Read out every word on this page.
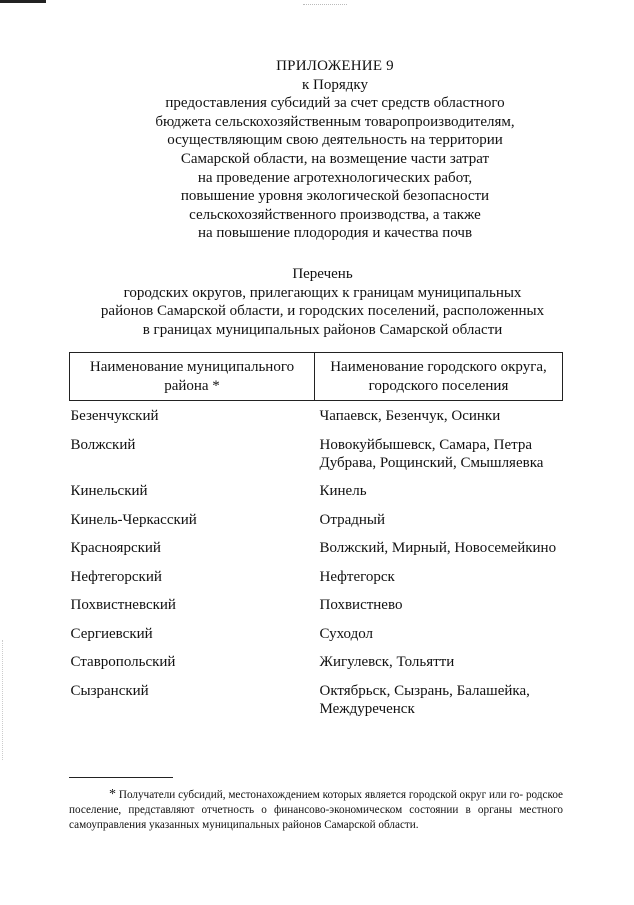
ПРИЛОЖЕНИЕ 9
к Порядку
предоставления субсидий за счет средств областного
бюджета сельскохозяйственным товаропроизводителям,
осуществляющим свою деятельность на территории
Самарской области, на возмещение части затрат
на проведение агротехнологических работ,
повышение уровня экологической безопасности
сельскохозяйственного производства, а также
на повышение плодородия и качества почв
Перечень
городских округов, прилегающих к границам муниципальных
районов Самарской области, и городских поселений, расположенных
в границах муниципальных районов Самарской области
Наименование муниципального
района *	Наименование городского округа,
городского поселения
Безенчукский	Чапаевск, Безенчук, Осинки
Волжский	Новокуйбышевск, Самара, Петра
Дубрава, Рощинский, Смышляевка
Кинельский	Кинель
Кинель-Черкасский	Отрадный
Красноярский	Волжский, Мирный, Новосемейкино
Нефтегорский	Нефтегорск
Похвистневский	Похвистнево
Сергиевский	Суходол
Ставропольский	Жигулевск, Тольятти
Сызранский	Октябрьск, Сызрань, Балашейка,
Междуреченск
* Получатели субсидий, местонахождением которых является городской округ или го- родское поселение, представляют отчетность о финансово-экономическом состоянии в органы местного самоуправления указанных муниципальных районов Самарской области.
